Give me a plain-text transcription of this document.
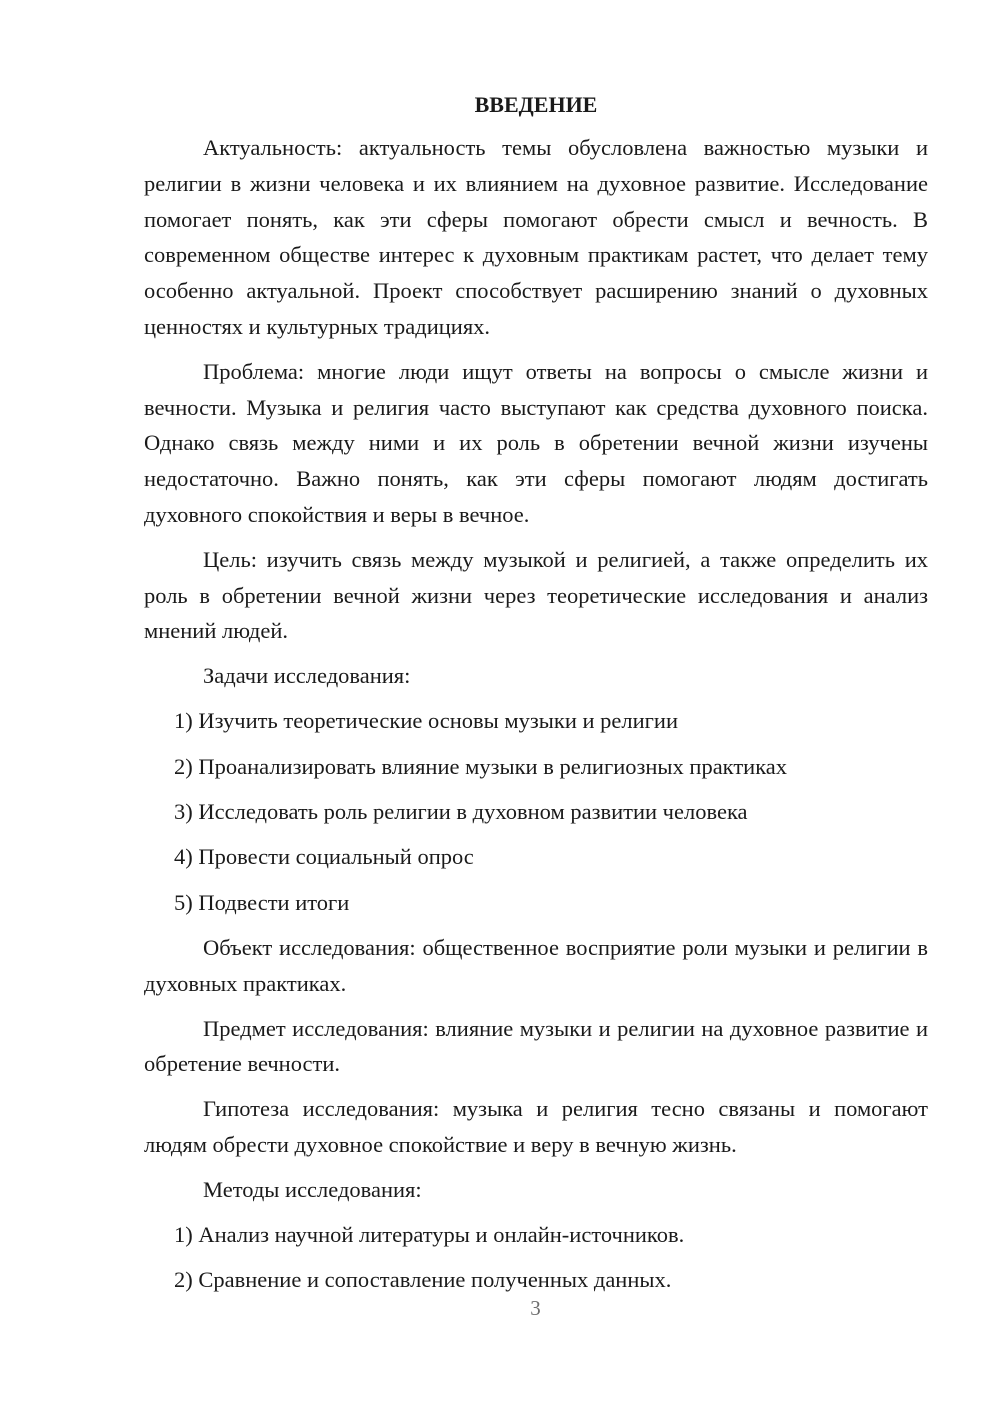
ВВЕДЕНИЕ

Актуальность: актуальность темы обусловлена важностью музыки и религии в жизни человека и их влиянием на духовное развитие. Исследование помогает понять, как эти сферы помогают обрести смысл и вечность. В современном обществе интерес к духовным практикам растет, что делает тему особенно актуальной. Проект способствует расширению знаний о духовных ценностях и культурных традициях.

Проблема: многие люди ищут ответы на вопросы о смысле жизни и вечности. Музыка и религия часто выступают как средства духовного поиска. Однако связь между ними и их роль в обретении вечной жизни изучены недостаточно. Важно понять, как эти сферы помогают людям достигать духовного спокойствия и веры в вечное.

Цель: изучить связь между музыкой и религией, а также определить их роль в обретении вечной жизни через теоретические исследования и анализ мнений людей.

Задачи исследования:

1) Изучить теоретические основы музыки и религии

2) Проанализировать влияние музыки в религиозных практиках

3) Исследовать роль религии в духовном развитии человека

4) Провести социальный опрос

5) Подвести итоги

Объект исследования: общественное восприятие роли музыки и религии в духовных практиках.

Предмет исследования: влияние музыки и религии на духовное развитие и обретение вечности.

Гипотеза исследования: музыка и религия тесно связаны и помогают людям обрести духовное спокойствие и веру в вечную жизнь.

Методы исследования:

1) Анализ научной литературы и онлайн-источников.

2) Сравнение и сопоставление полученных данных.

3
